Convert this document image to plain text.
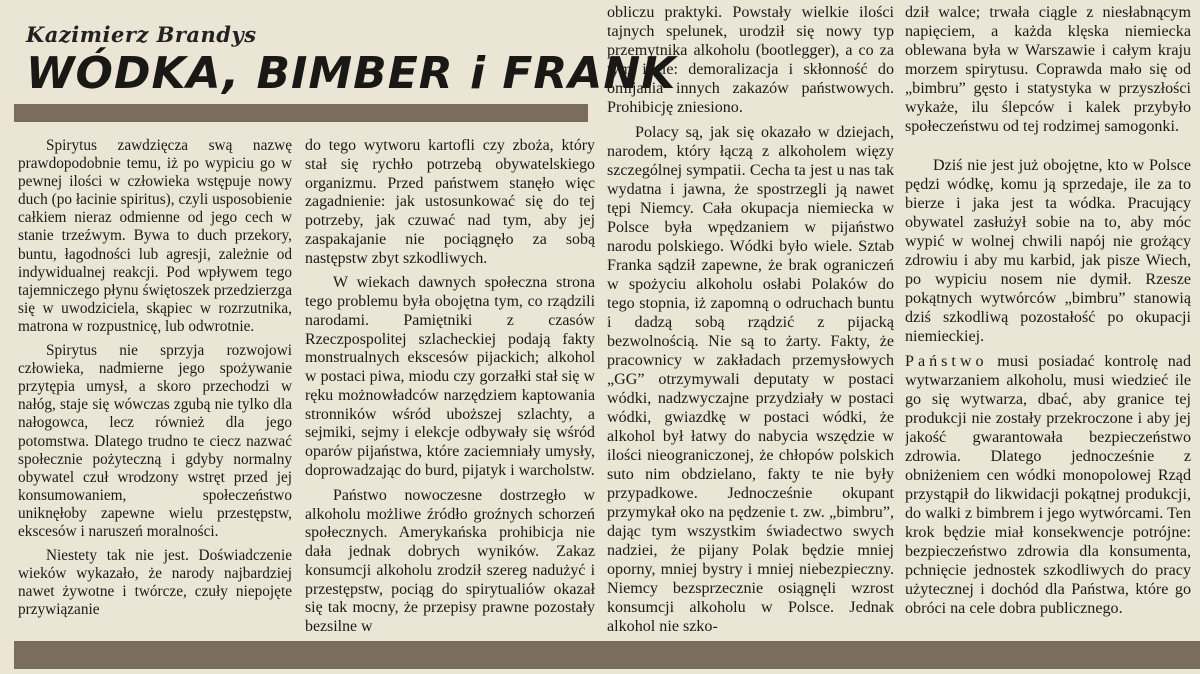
Kazimierz Brandys
WÓDKA, BIMBER i FRANK

Spirytus zawdzięcza swą nazwę prawdopodobnie temu, iż po wypiciu go w pewnej ilości w człowieka wstępuje nowy duch (po łacinie spiritus), czyli usposobienie całkiem nieraz odmienne od jego cech w stanie trzeźwym. Bywa to duch przekory, buntu, łagodności lub agresji, zależnie od indywidualnej reakcji. Pod wpływem tego tajemniczego płynu świętoszek przedzierzga się w uwodziciela, skąpiec w rozrzutnika, matrona w rozpustnicę, lub odwrotnie.

Spirytus nie sprzyja rozwojowi człowieka, nadmierne jego spożywanie przytępia umysł, a skoro przechodzi w nałóg, staje się wówczas zgubą nie tylko dla nałogowca, lecz również dla jego potomstwa. Dlatego trudno te ciecz nazwać społecznie pożyteczną i gdyby normalny obywatel czuł wrodzony wstręt przed jej konsumowaniem, społeczeństwo uniknęłoby zapewne wielu przestępstw, ekscesów i naruszeń moralności.

Niestety tak nie jest. Doświadczenie wieków wykazało, że narody najbardziej nawet żywotne i twórcze, czuły niepojęte przywiązanie

do tego wytworu kartofli czy zboża, który stał się rychło potrzebą obywatelskiego organizmu. Przed państwem stanęło więc zagadnienie: jak ustosunkować się do tej potrzeby, jak czuwać nad tym, aby jej zaspakajanie nie pociągnęło za sobą następstw zbyt szkodliwych.

W wiekach dawnych społeczna strona tego problemu była obojętna tym, co rządzili narodami. Pamiętniki z czasów Rzeczpospolitej szlacheckiej podają fakty monstrualnych ekscesów pijackich; alkohol w postaci piwa, miodu czy gorzałki stał się w ręku możnowładców narzędziem kaptowania stronników wśród uboższej szlachty, a sejmiki, sejmy i elekcje odbywały się wśród oparów pijaństwa, które zaciemniały umysły, doprowadzając do burd, pijatyk i warcholstw.

Państwo nowoczesne dostrzegło w alkoholu możliwe źródło groźnych schorzeń społecznych. Amerykańska prohibicja nie dała jednak dobrych wyników. Zakaz konsumcji alkoholu zrodził szereg nadużyć i przestępstw, pociąg do spirytualiów okazał się tak mocny, że przepisy prawne pozostały bezsilne w

obliczu praktyki. Powstały wielkie ilości tajnych spelunek, urodził się nowy typ przemytnika alkoholu (bootlegger), a co za tym idzie: demoralizacja i skłonność do omijania innych zakazów państwowych. Prohibicję zniesiono.

Polacy są, jak się okazało w dziejach, narodem, który łączą z alkoholem więzy szczególnej sympatii. Cecha ta jest u nas tak wydatna i jawna, że spostrzegli ją nawet tępi Niemcy. Cała okupacja niemiecka w Polsce była wpędzaniem w pijaństwo narodu polskiego. Wódki było wiele. Sztab Franka sądził zapewne, że brak ograniczeń w spożyciu alkoholu osłabi Polaków do tego stopnia, iż zapomną o odruchach buntu i dadzą sobą rządzić z pijacką bezwolnością. Nie są to żarty. Fakty, że pracownicy w zakładach przemysłowych „GG” otrzymywali deputaty w postaci wódki, nadzwyczajne przydziały w postaci wódki, gwiazdkę w postaci wódki, że alkohol był łatwy do nabycia wszędzie w ilości nieograniczonej, że chłopów polskich suto nim obdzielano, fakty te nie były przypadkowe. Jednocześnie okupant przymykał oko na pędzenie t. zw. „bimbru”, dając tym wszystkim świadectwo swych nadziei, że pijany Polak będzie mniej oporny, mniej bystry i mniej niebezpieczny. Niemcy bezsprzecznie osiągnęli wzrost konsumcji alkoholu w Polsce. Jednak alkohol nie szko-

dził walce; trwała ciągle z niesłabnącym napięciem, a każda klęska niemiecka oblewana była w Warszawie i całym kraju morzem spirytusu. Coprawda mało się od „bimbru” gęsto i statystyka w przyszłości wykaże, ilu ślepców i kalek przybyło społeczeństwu od tej rodzimej samogonki.

Dziś nie jest już obojętne, kto w Polsce pędzi wódkę, komu ją sprzedaje, ile za to bierze i jaka jest ta wódka. Pracujący obywatel zasłużył sobie na to, aby móc wypić w wolnej chwili napój nie grożący zdrowiu i aby mu karbid, jak pisze Wiech, po wypiciu nosem nie dymił. Rzesze pokątnych wytwórców „bimbru” stanowią dziś szkodliwą pozostałość po okupacji niemieckiej.

Państwo musi posiadać kontrolę nad wytwarzaniem alkoholu, musi wiedzieć ile go się wytwarza, dbać, aby granice tej produkcji nie zostały przekroczone i aby jej jakość gwarantowała bezpieczeństwo zdrowia. Dlatego jednocześnie z obniżeniem cen wódki monopolowej Rząd przystąpił do likwidacji pokątnej produkcji, do walki z bimbrem i jego wytwórcami. Ten krok będzie miał konsekwencje potrójne: bezpieczeństwo zdrowia dla konsumenta, pchnięcie jednostek szkodliwych do pracy użytecznej i dochód dla Państwa, które go obróci na cele dobra publicznego.
